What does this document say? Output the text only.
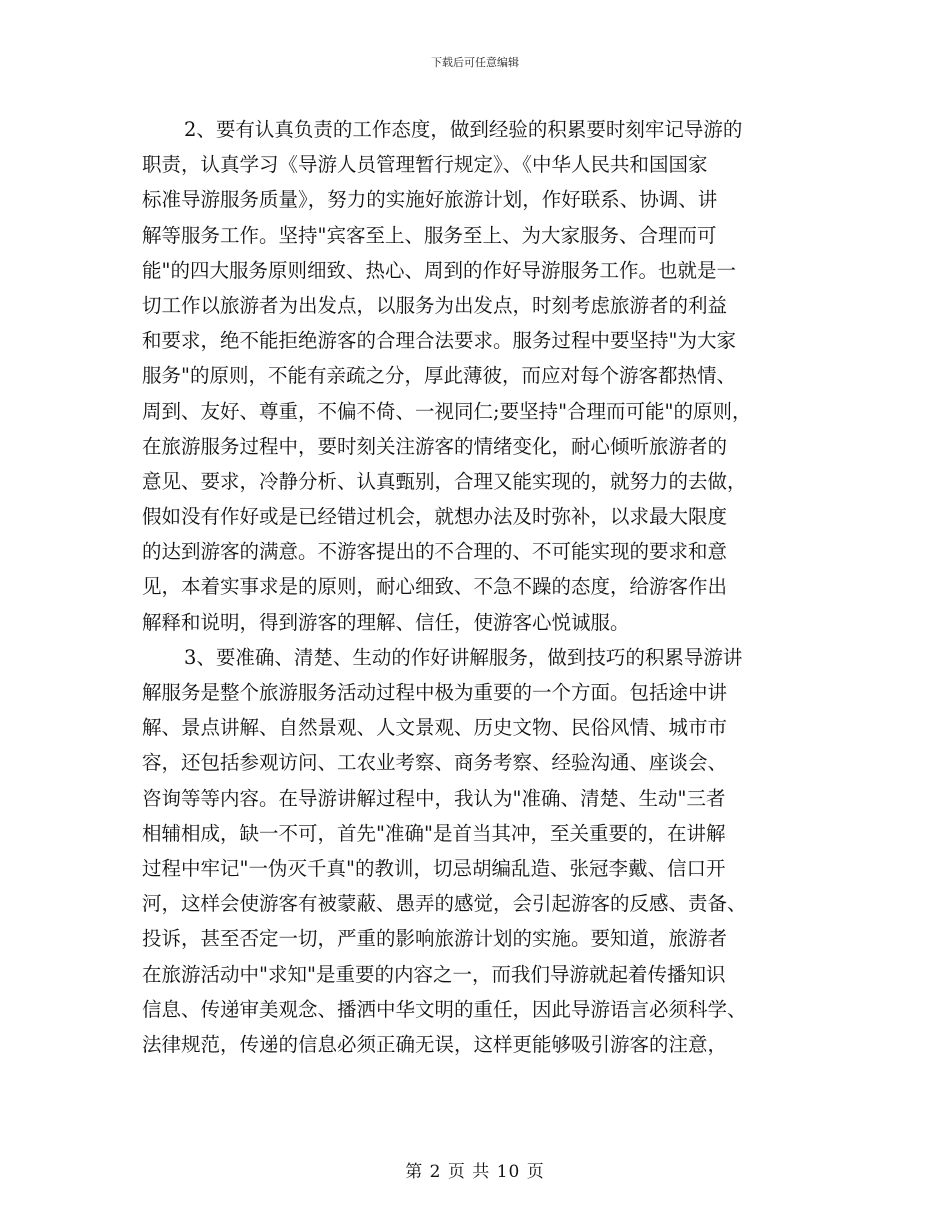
下载后可任意编辑
2、要有认真负责的工作态度，做到经验的积累要时刻牢记导游的
职责，认真学习《导游人员管理暂行规定》、《中华人民共和国国家
标准导游服务质量》，努力的实施好旅游计划，作好联系、协调、讲
解等服务工作。坚持"宾客至上、服务至上、为大家服务、合理而可
能"的四大服务原则细致、热心、周到的作好导游服务工作。也就是一
切工作以旅游者为出发点，以服务为出发点，时刻考虑旅游者的利益
和要求，绝不能拒绝游客的合理合法要求。服务过程中要坚持"为大家
服务"的原则，不能有亲疏之分，厚此薄彼，而应对每个游客都热情、
周到、友好、尊重，不偏不倚、一视同仁;要坚持"合理而可能"的原则，
在旅游服务过程中，要时刻关注游客的情绪变化，耐心倾听旅游者的
意见、要求，冷静分析、认真甄别，合理又能实现的，就努力的去做，
假如没有作好或是已经错过机会，就想办法及时弥补，以求最大限度
的达到游客的满意。不游客提出的不合理的、不可能实现的要求和意
见，本着实事求是的原则，耐心细致、不急不躁的态度，给游客作出
解释和说明，得到游客的理解、信任，使游客心悦诚服。
3、要准确、清楚、生动的作好讲解服务，做到技巧的积累导游讲
解服务是整个旅游服务活动过程中极为重要的一个方面。包括途中讲
解、景点讲解、自然景观、人文景观、历史文物、民俗风情、城市市
容，还包括参观访问、工农业考察、商务考察、经验沟通、座谈会、
咨询等等内容。在导游讲解过程中，我认为"准确、清楚、生动"三者
相辅相成，缺一不可，首先"准确"是首当其冲，至关重要的，在讲解
过程中牢记"一伪灭千真"的教训，切忌胡编乱造、张冠李戴、信口开
河，这样会使游客有被蒙蔽、愚弄的感觉，会引起游客的反感、责备、
投诉，甚至否定一切，严重的影响旅游计划的实施。要知道，旅游者
在旅游活动中"求知"是重要的内容之一，而我们导游就起着传播知识
信息、传递审美观念、播洒中华文明的重任，因此导游语言必须科学、
法律规范，传递的信息必须正确无误，这样更能够吸引游客的注意，
第 2 页 共 10 页
